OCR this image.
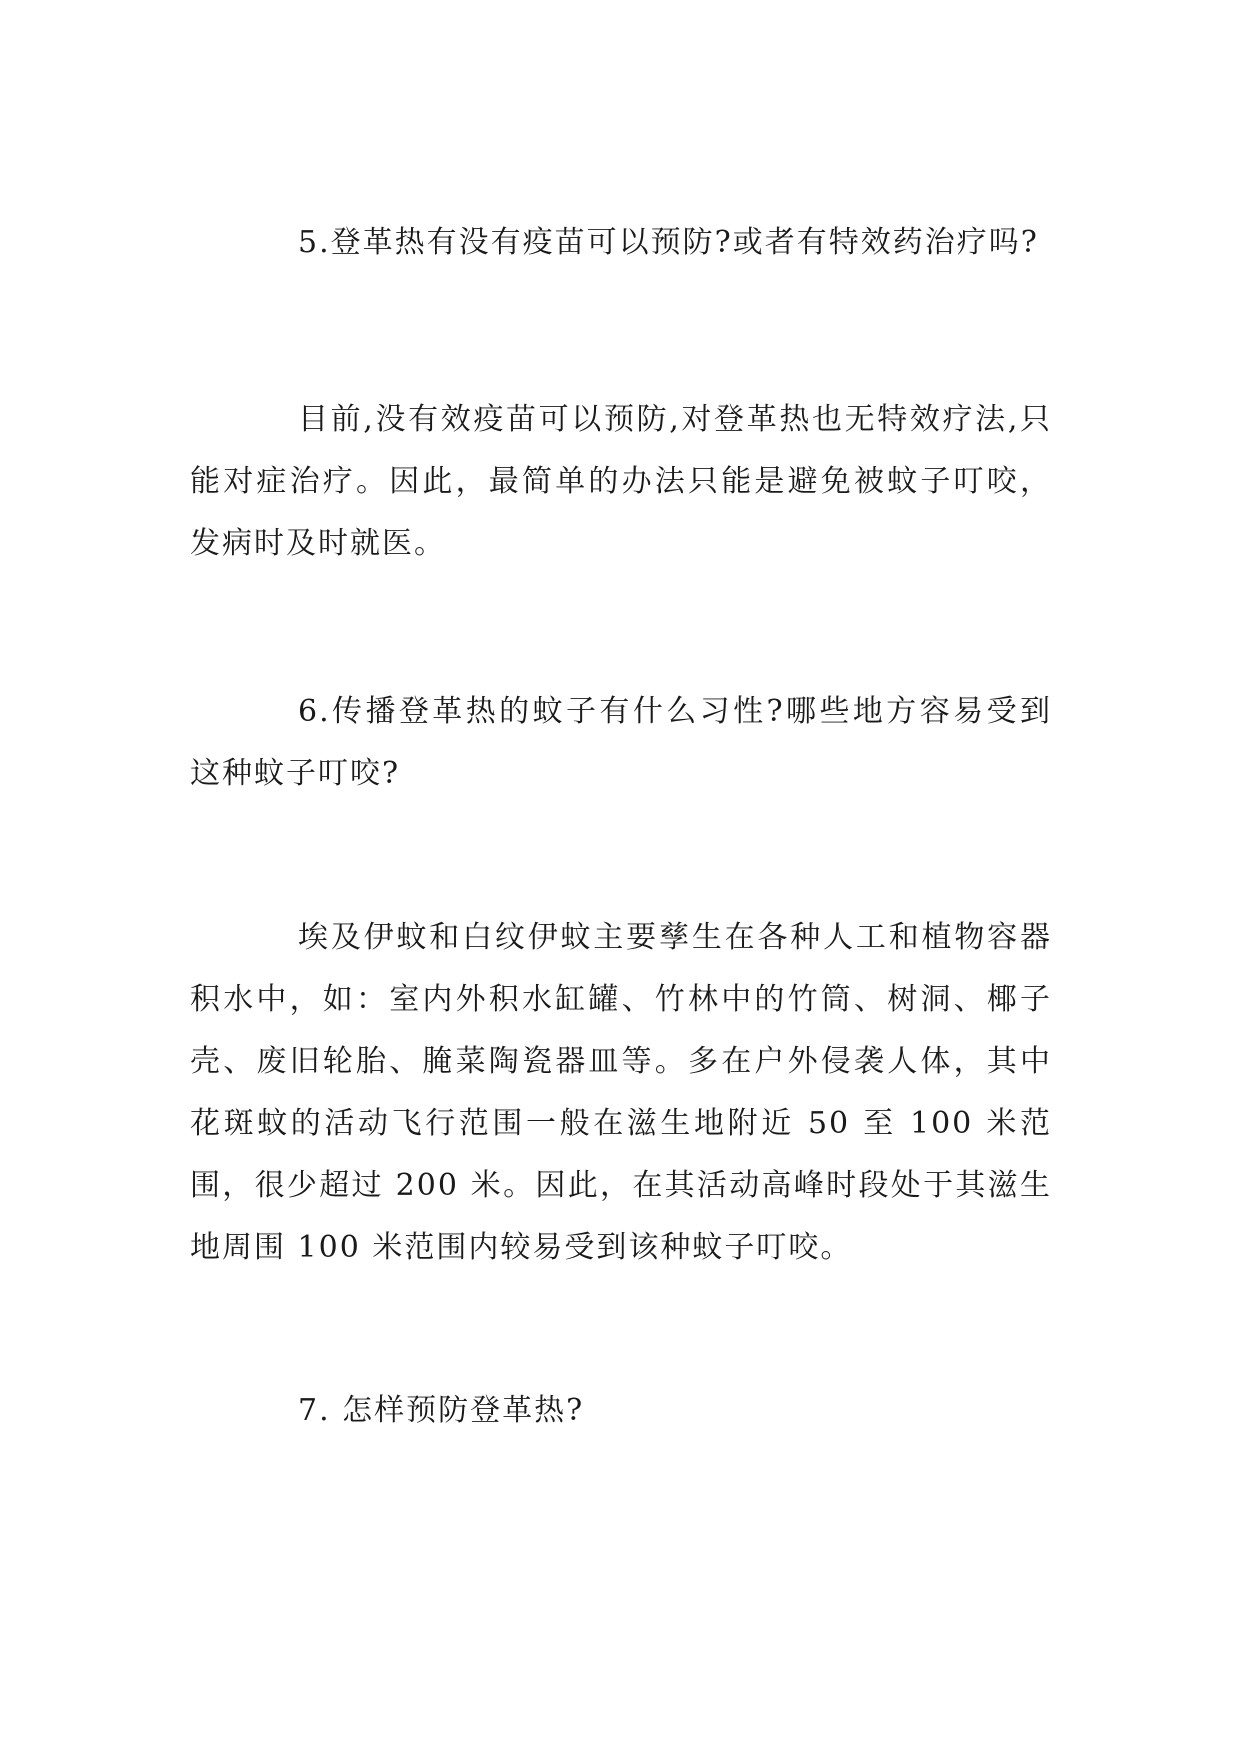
5.登革热有没有疫苗可以预防?或者有特效药治疗吗?

目前,没有效疫苗可以预防,对登革热也无特效疗法,只能对症治疗。因此，最简单的办法只能是避免被蚊子叮咬，发病时及时就医。

6.传播登革热的蚊子有什么习性?哪些地方容易受到这种蚊子叮咬?

埃及伊蚊和白纹伊蚊主要孳生在各种人工和植物容器积水中，如：室内外积水缸罐、竹林中的竹筒、树洞、椰子壳、废旧轮胎、腌菜陶瓷器皿等。多在户外侵袭人体，其中花斑蚊的活动飞行范围一般在滋生地附近 50 至 100 米范围，很少超过 200 米。因此，在其活动高峰时段处于其滋生地周围 100 米范围内较易受到该种蚊子叮咬。

7. 怎样预防登革热?
